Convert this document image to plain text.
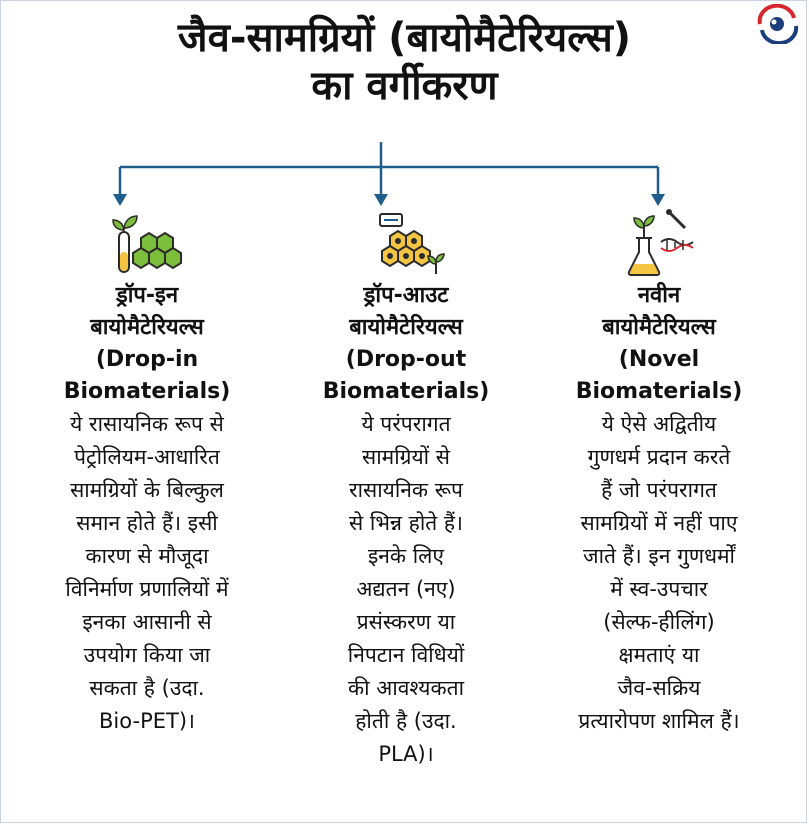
जैव-सामग्रियों (बायोमैटेरियल्स)
का वर्गीकरण
ड्रॉप-इन
बायोमैटेरियल्स
(Drop-in
Biomaterials)
ये रासायनिक रूप से
पेट्रोलियम-आधारित
सामग्रियों के बिल्कुल
समान होते हैं। इसी
कारण से मौजूदा
विनिर्माण प्रणालियों में
इनका आसानी से
उपयोग किया जा
सकता है (उदा.
Bio-PET)।
ड्रॉप-आउट
बायोमैटेरियल्स
(Drop-out
Biomaterials)
ये परंपरागत
सामग्रियों से
रासायनिक रूप
से भिन्न होते हैं।
इनके लिए
अद्यतन (नए)
प्रसंस्करण या
निपटान विधियों
की आवश्यकता
होती है (उदा.
PLA)।
नवीन
बायोमैटेरियल्स
(Novel
Biomaterials)
ये ऐसे अद्वितीय
गुणधर्म प्रदान करते
हैं जो परंपरागत
सामग्रियों में नहीं पाए
जाते हैं। इन गुणधर्मों
में स्व-उपचार
(सेल्फ-हीलिंग)
क्षमताएं या
जैव-सक्रिय
प्रत्यारोपण शामिल हैं।
